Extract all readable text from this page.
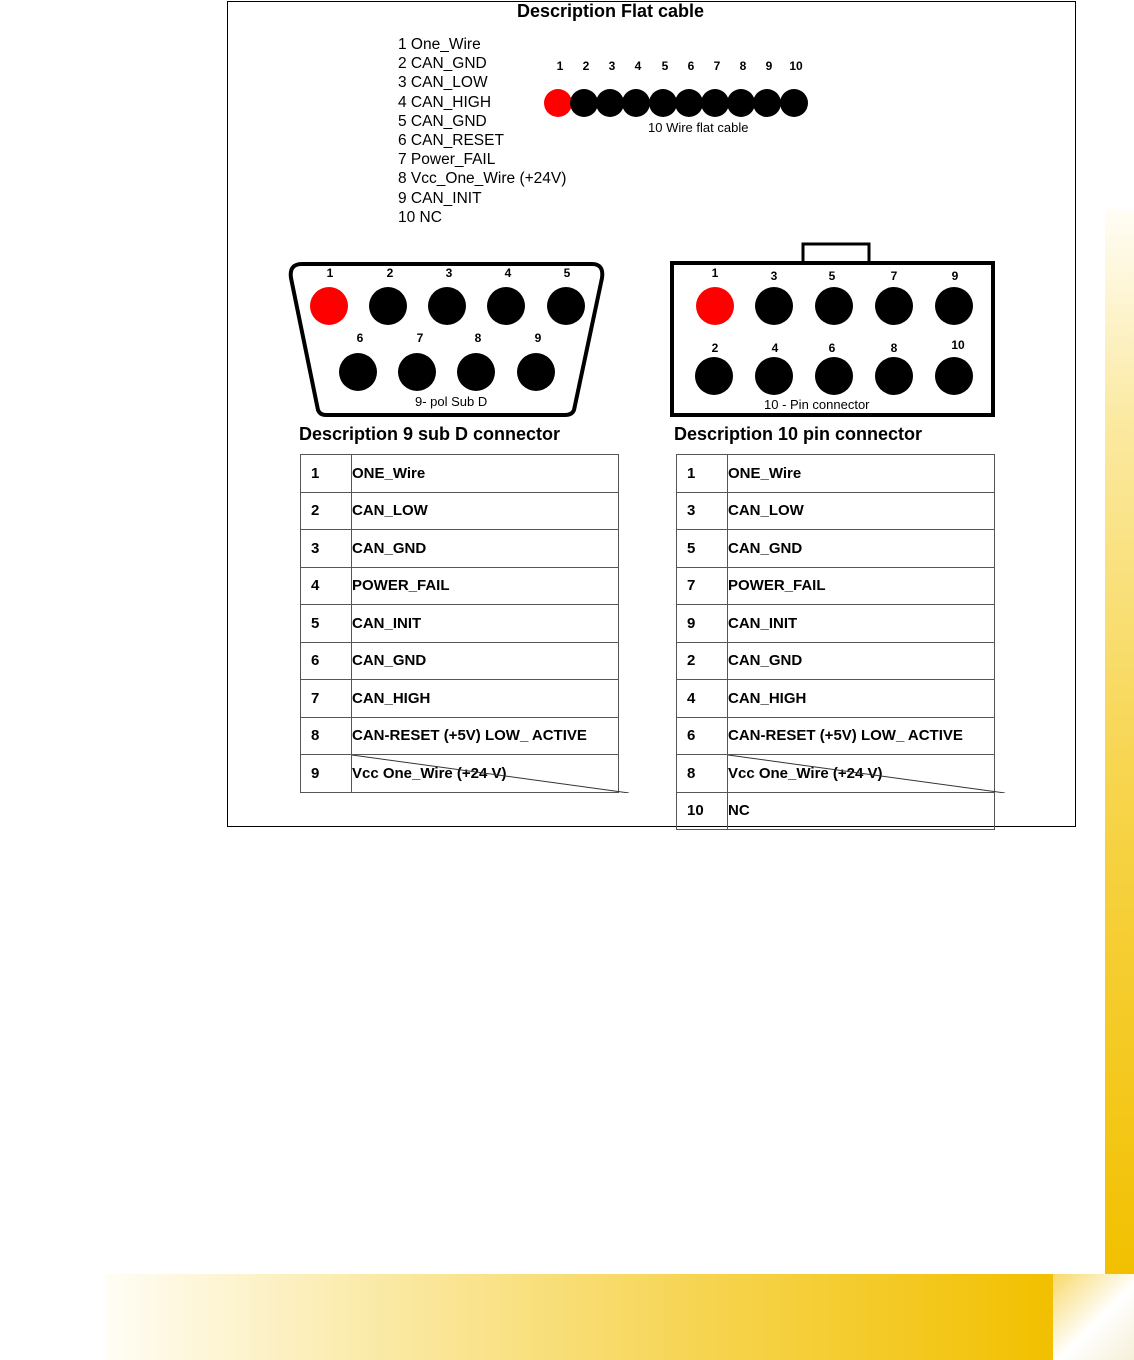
Description Flat cable
1 One_Wire
2 CAN_GND
3 CAN_LOW
4 CAN_HIGH
5 CAN_GND
6 CAN_RESET
7 Power_FAIL
8 Vcc_One_Wire (+24V)
9 CAN_INIT
10 NC
1	2	3	4	5	6	7	8	9	10
10 Wire flat cable
1	2	3	4	5
6	7	8	9
9- pol Sub D
1	3	5	7	9
2	4	6	8	10
10 - Pin connector
Description 9 sub D connector	Description 10 pin connector
1	ONE_Wire
2	CAN_LOW
3	CAN_GND
4	POWER_FAIL
5	CAN_INIT
6	CAN_GND
7	CAN_HIGH
8	CAN-RESET (+5V) LOW_ ACTIVE
9	Vcc One_Wire (+24 V)
1	ONE_Wire
3	CAN_LOW
5	CAN_GND
7	POWER_FAIL
9	CAN_INIT
2	CAN_GND
4	CAN_HIGH
6	CAN-RESET (+5V) LOW_ ACTIVE
8	Vcc One_Wire (+24 V)
10	NC
